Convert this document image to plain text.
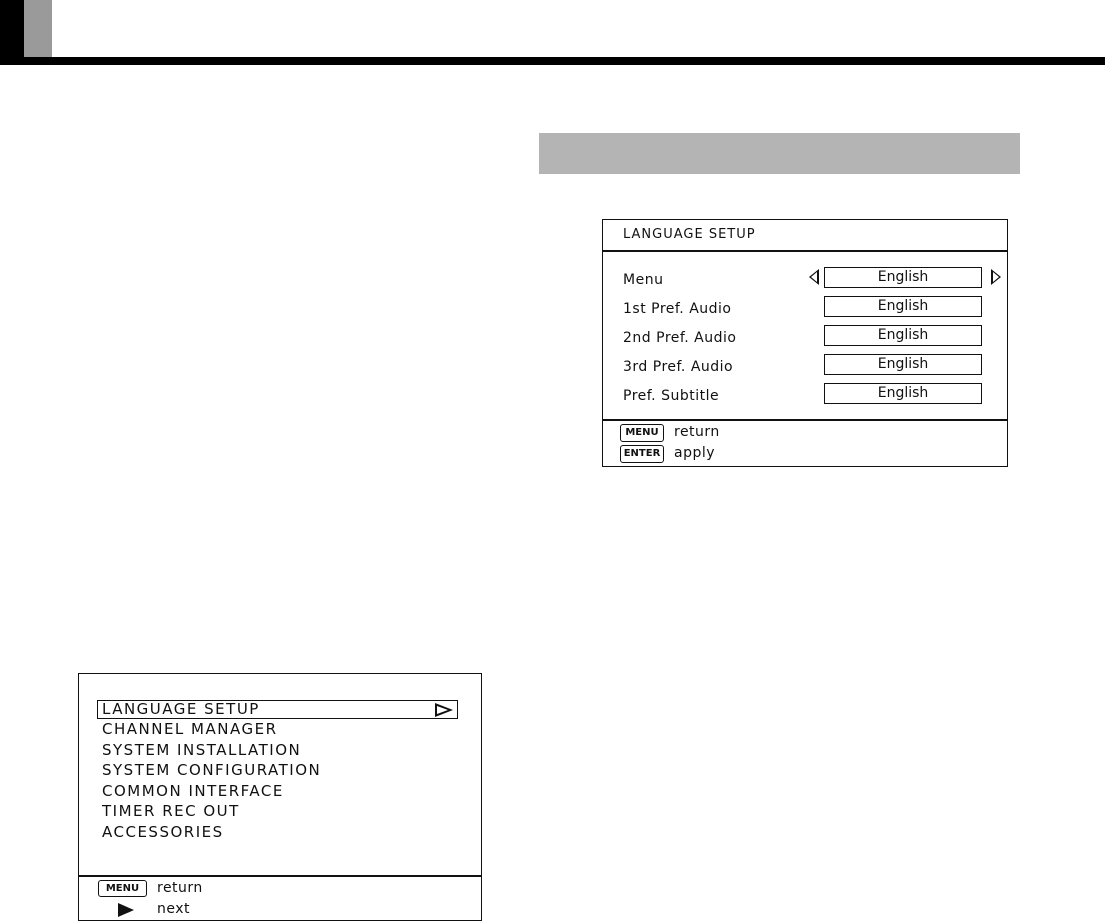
LANGUAGE SETUP
Menu	English
1st Pref. Audio	English
2nd Pref. Audio	English
3rd Pref. Audio	English
Pref. Subtitle	English
MENU	return
ENTER apply
LANGUAGE SETUP
CHANNEL MANAGER
SYSTEM INSTALLATION
SYSTEM CONFIGURATION
COMMON INTERFACE
TIMER REC OUT
ACCESSORIES
MENU	return
next
